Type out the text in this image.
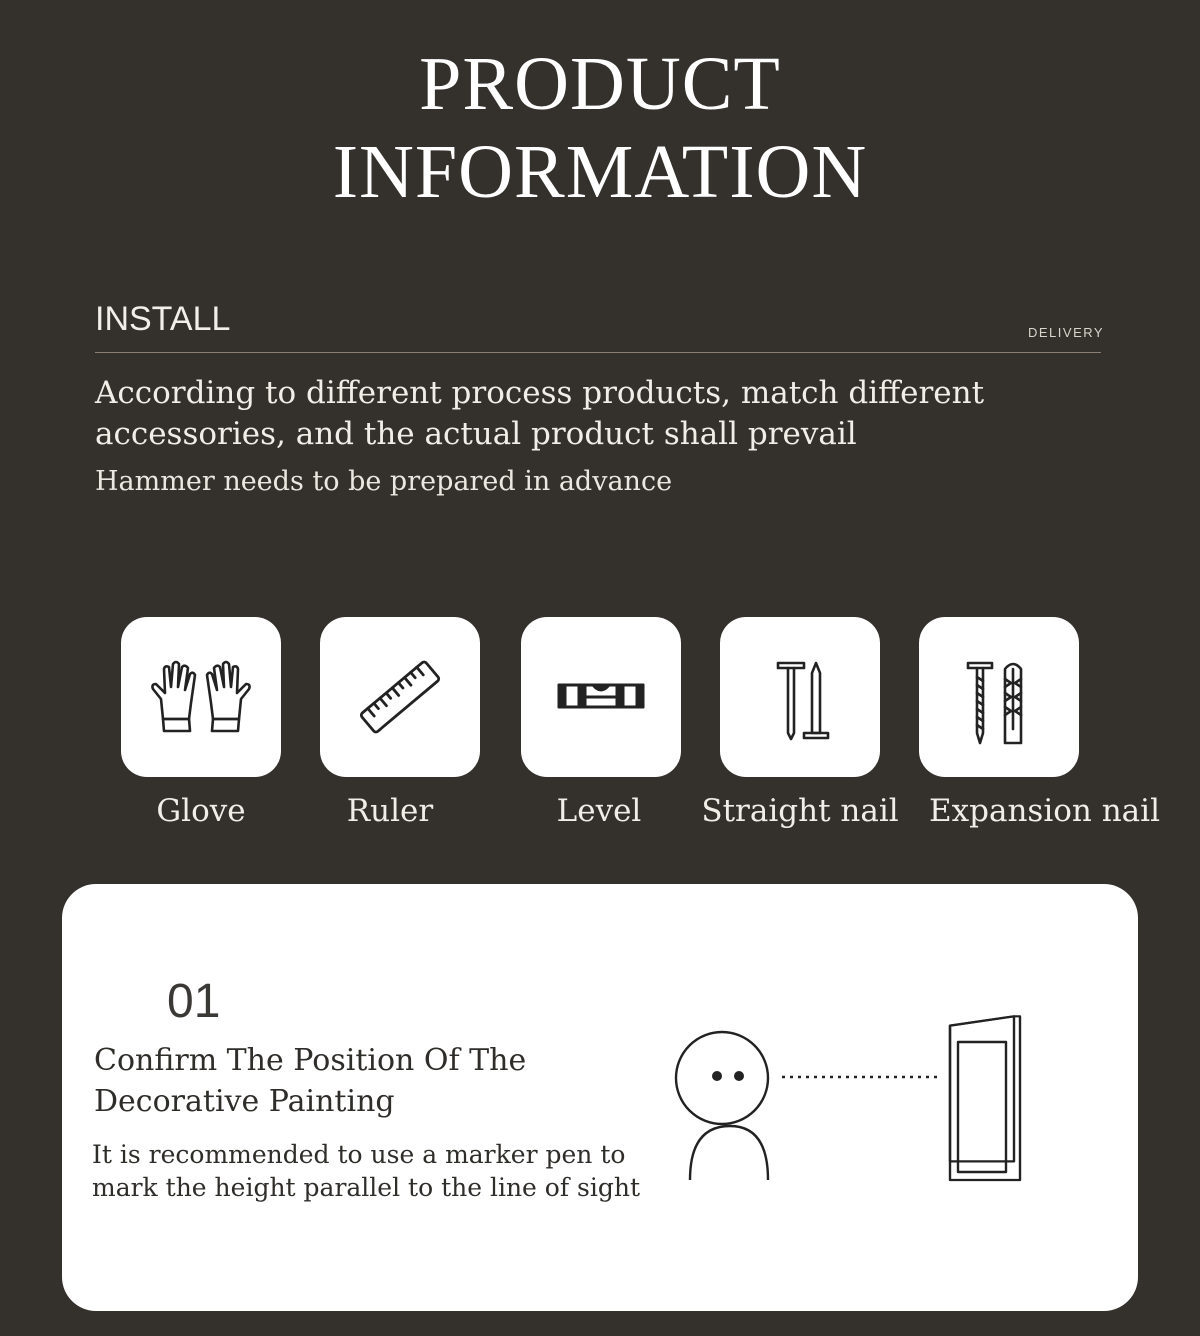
PRODUCT
INFORMATION
INSTALL	DELIVERY
According to different process products, match different accessories, and the actual product shall prevail
Hammer needs to be prepared in advance
Glove	Ruler	Level	Straight nail Expansion nail
01
Confirm The Position Of The Decorative Painting
It is recommended to use a marker pen to mark the height parallel to the line of sight
